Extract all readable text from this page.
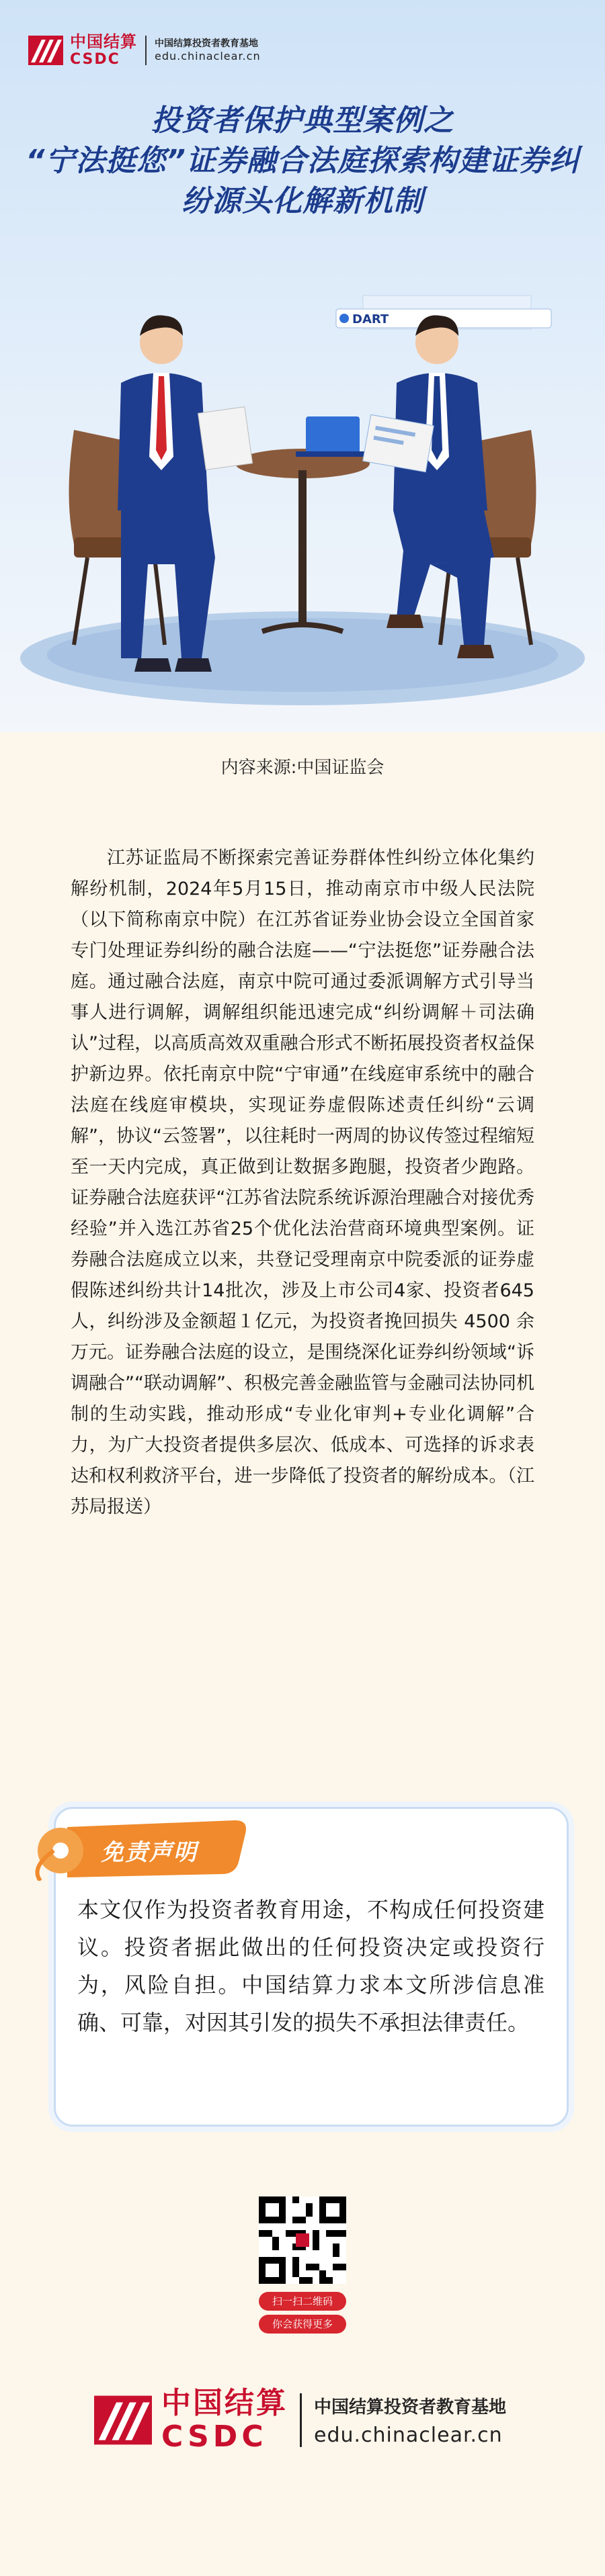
中国结算
CSDC
中国结算投资者教育基地
edu.chinaclear.cn
投资者保护典型案例之
“宁法挺您”证券融合法庭探索构建证券纠
纷源头化解新机制
DART
内容来源:中国证监会

江苏证监局不断探索完善证券群体性纠纷立体化集约解纷机制，2024年5月15日，推动南京市中级人民法院（以下简称南京中院）在江苏省证券业协会设立全国首家专门处理证券纠纷的融合法庭——“宁法挺您”证券融合法庭。通过融合法庭，南京中院可通过委派调解方式引导当事人进行调解，调解组织能迅速完成“纠纷调解＋司法确认”过程，以高质高效双重融合形式不断拓展投资者权益保护新边界。依托南京中院“宁审通”在线庭审系统中的融合法庭在线庭审模块，实现证券虚假陈述责任纠纷“云调解”，协议“云签署”，以往耗时一两周的协议传签过程缩短至一天内完成，真正做到让数据多跑腿，投资者少跑路。证券融合法庭获评“江苏省法院系统诉源治理融合对接优秀经验”并入选江苏省25个优化法治营商环境典型案例。证券融合法庭成立以来，共登记受理南京中院委派的证券虚假陈述纠纷共计14批次，涉及上市公司4家、投资者645人，纠纷涉及金额超１亿元，为投资者挽回损失 4500 余万元。证券融合法庭的设立，是围绕深化证券纠纷领域“诉调融合”“联动调解”、积极完善金融监管与金融司法协同机制的生动实践，推动形成“专业化审判+专业化调解”合力，为广大投资者提供多层次、低成本、可选择的诉求表达和权利救济平台，进一步降低了投资者的解纷成本。（江苏局报送）

免责声明
本文仅作为投资者教育用途，不构成任何投资建议。投资者据此做出的任何投资决定或投资行为，风险自担。中国结算力求本文所涉信息准确、可靠，对因其引发的损失不承担法律责任。
扫一扫二维码
你会获得更多
中国结算
CSDC
中国结算投资者教育基地
edu.chinaclear.cn
